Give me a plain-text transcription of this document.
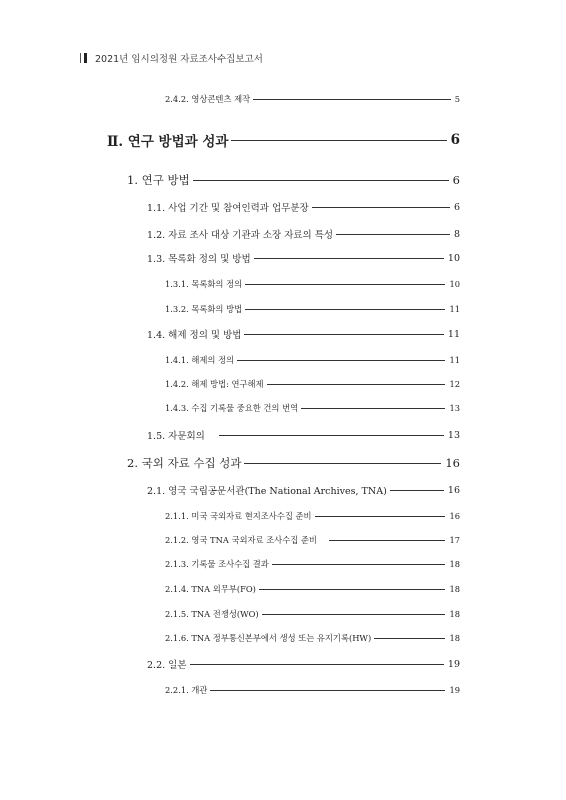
2021년 임시의정원 자료조사수집보고서
2.4.2. 영상콘텐츠 제작	5
Ⅱ. 연구 방법과 성과	6
1. 연구 방법	6
1.1. 사업 기간 및 참여인력과 업무분장	6
1.2. 자료 조사 대상 기관과 소장 자료의 특성	8
1.3. 목록화 정의 및 방법	10
1.3.1. 목록화의 정의	10
1.3.2. 목록화의 방법	11
1.4. 해제 정의 및 방법	11
1.4.1. 해제의 정의	11
1.4.2. 해제 방법: 연구해제	12
1.4.3. 수집 기록물 중요한 건의 번역	13
1.5. 자문회의	13
2. 국외 자료 수집 성과	16
2.1. 영국 국립공문서관(The National Archives, TNA)	16
2.1.1. 미국 국외자료 현지조사수집 준비	16
2.1.2. 영국 TNA 국외자료 조사수집 준비	17
2.1.3. 기록물 조사수집 결과	18
2.1.4. TNA 외무부(FO)	18
2.1.5. TNA 전쟁성(WO)	18
2.1.6. TNA 정부통신본부에서 생성 또는 유지기록(HW)	18
2.2. 일본	19
2.2.1. 개관	19
